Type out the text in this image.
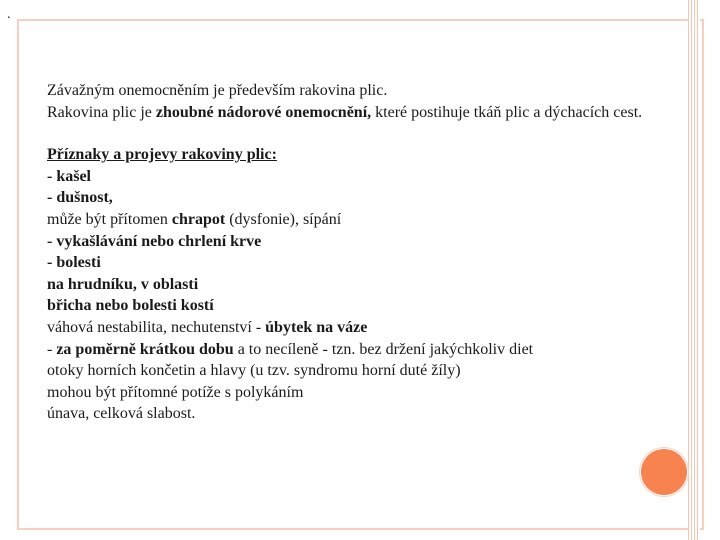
.

Závažným onemocněním je především rakovina plic.

Rakovina plic je zhoubné nádorové onemocnění, které postihuje tkáň plic a dýchacích cest.

Příznaky a projevy rakoviny plic:

- kašel

- dušnost,

může být přítomen chrapot (dysfonie), sípání

- vykašlávání nebo chrlení krve

- bolesti

na hrudníku, v oblasti

břicha nebo bolesti kostí

váhová nestabilita, nechutenství - úbytek na váze

- za poměrně krátkou dobu a to necíleně - tzn. bez držení jakýchkoliv diet

otoky horních končetin a hlavy (u tzv. syndromu horní duté žíly)

mohou být přítomné potíže s polykáním

únava, celková slabost.
